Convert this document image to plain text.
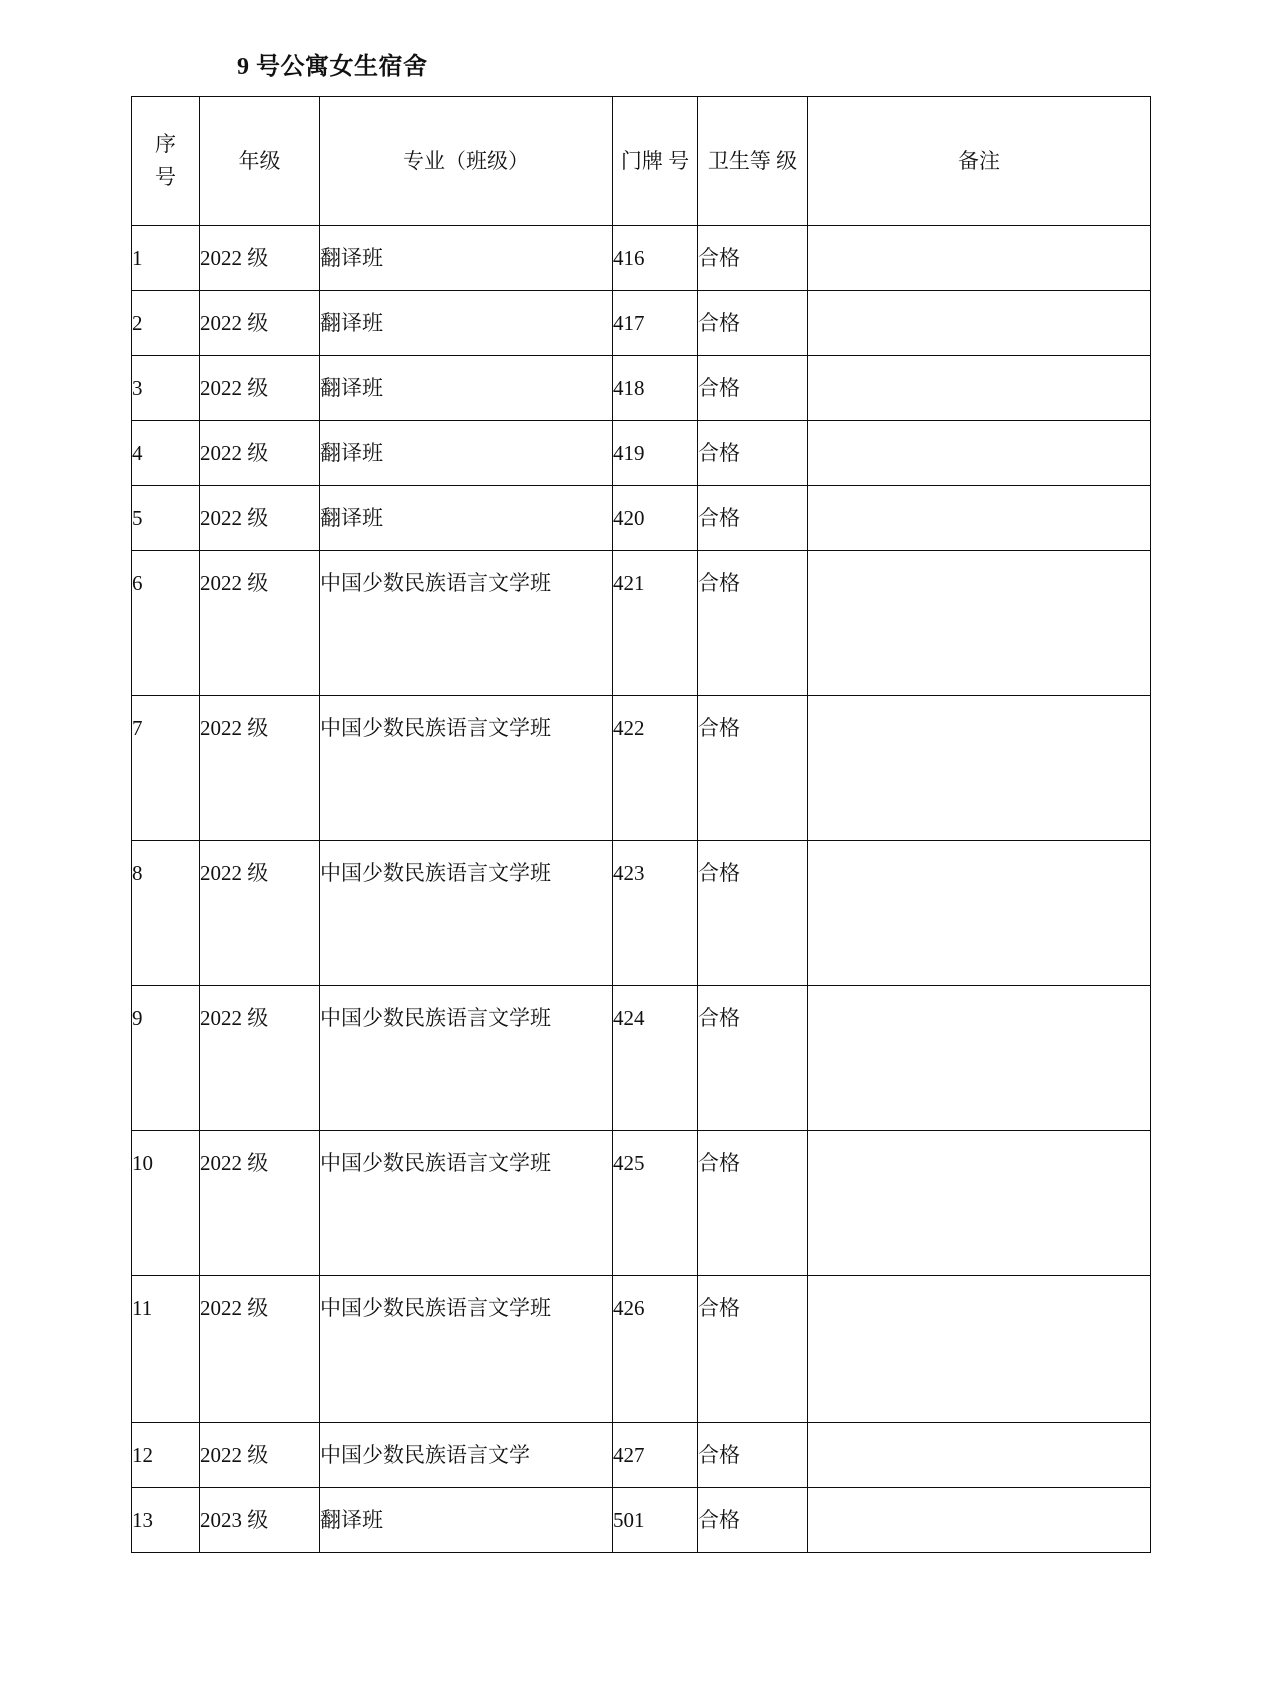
9 号公寓女生宿舍
序 号	年级	专业（班级）	门牌 号	卫生等 级	备注
1	2022 级	翻译班	416	合格	
2	2022 级	翻译班	417	合格	
3	2022 级	翻译班	418	合格	
4	2022 级	翻译班	419	合格	
5	2022 级	翻译班	420	合格	
6	2022 级	中国少数民族语言文学班	421	合格	
7	2022 级	中国少数民族语言文学班	422	合格	
8	2022 级	中国少数民族语言文学班	423	合格	
9	2022 级	中国少数民族语言文学班	424	合格	
10	2022 级	中国少数民族语言文学班	425	合格	
11	2022 级	中国少数民族语言文学班	426	合格	
12	2022 级	中国少数民族语言文学	427	合格	
13	2023 级	翻译班	501	合格	
